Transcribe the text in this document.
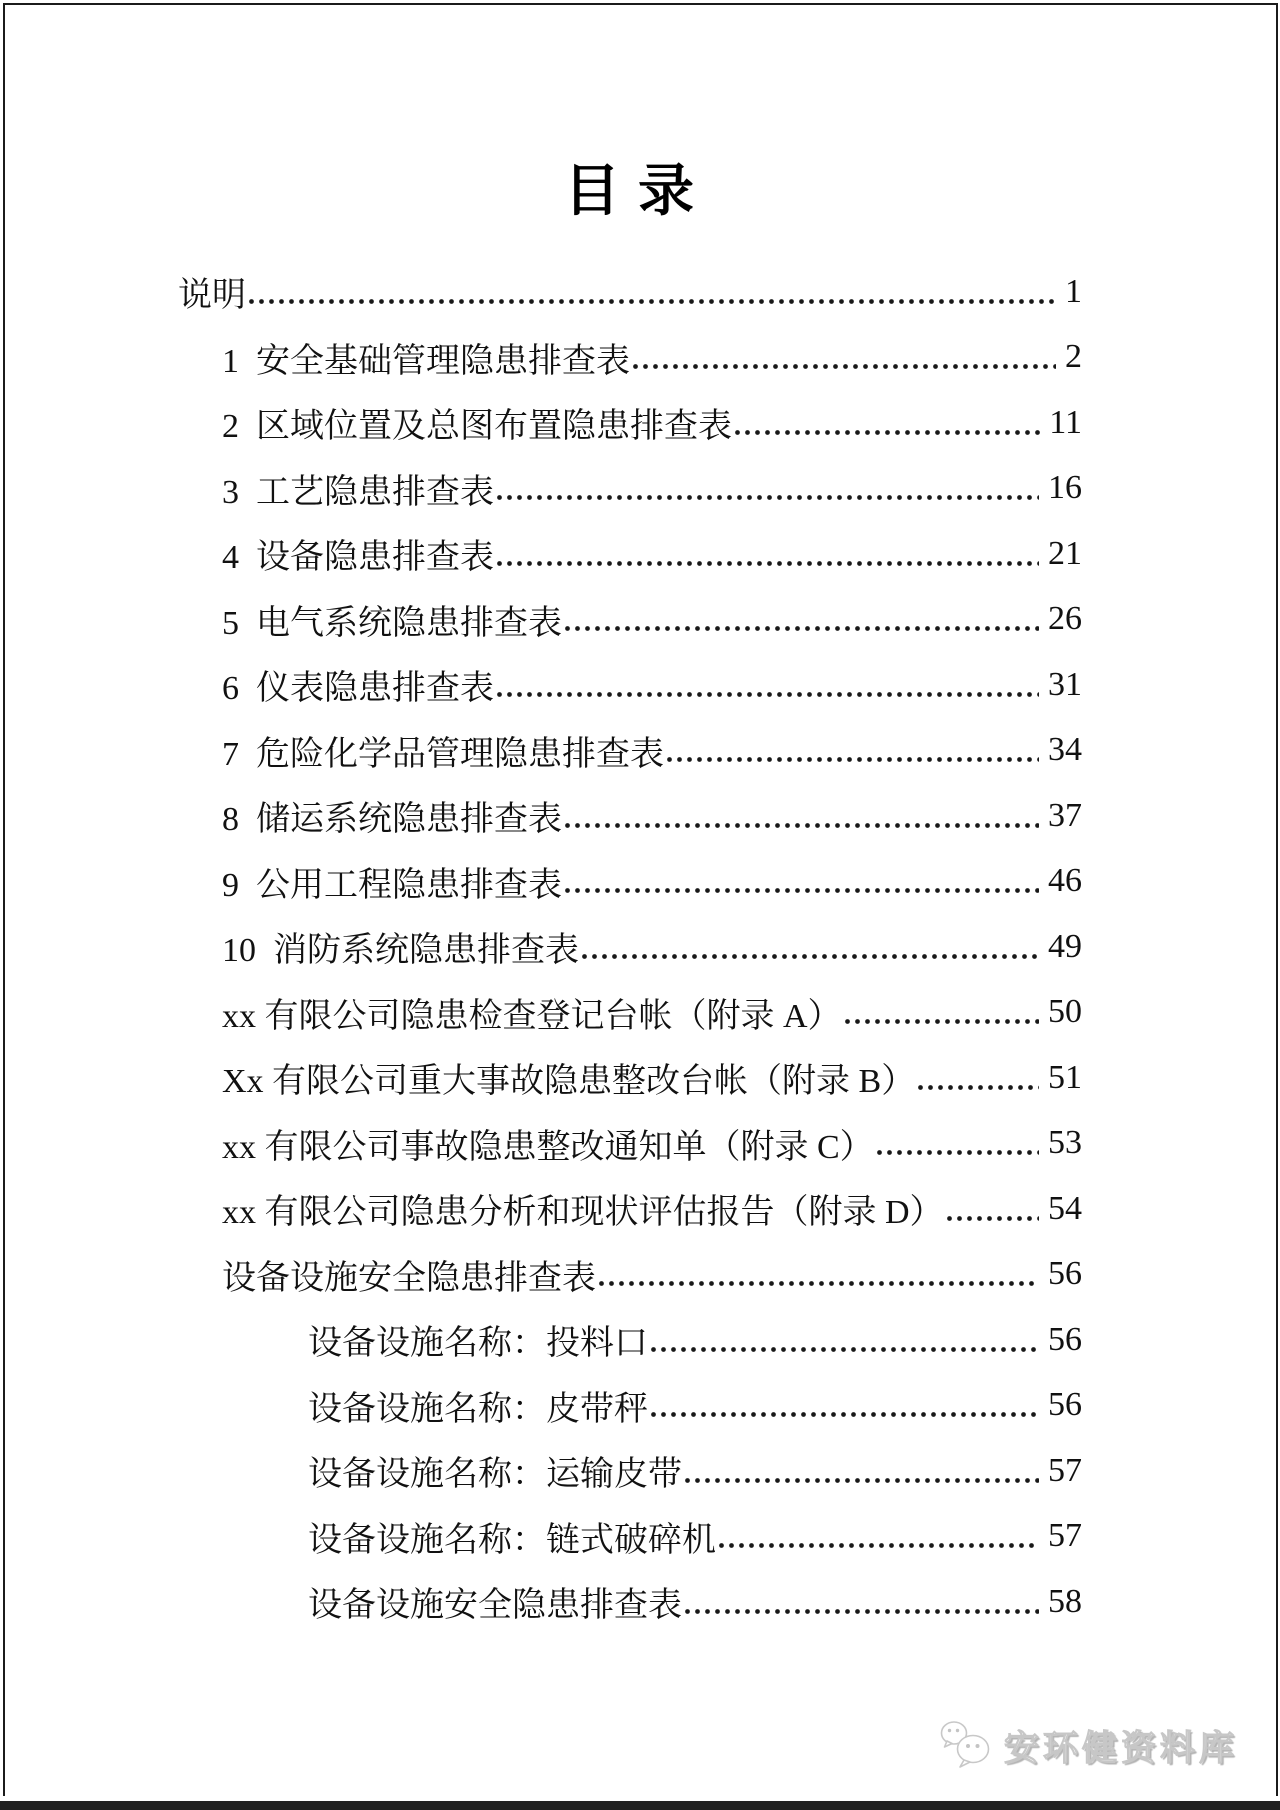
目 录
说明	1
1  安全基础管理隐患排查表	2
2  区域位置及总图布置隐患排查表	11
3  工艺隐患排查表	16
4  设备隐患排查表	21
5  电气系统隐患排查表	26
6  仪表隐患排查表	31
7  危险化学品管理隐患排查表	34
8  储运系统隐患排查表	37
9  公用工程隐患排查表	46
10  消防系统隐患排查表	49
xx 有限公司隐患检查登记台帐（附录 A）	50
Xx 有限公司重大事故隐患整改台帐（附录 B）	51
xx 有限公司事故隐患整改通知单（附录 C）	53
xx 有限公司隐患分析和现状评估报告（附录 D）	54
设备设施安全隐患排查表	56
设备设施名称：投料口	56
设备设施名称：皮带秤	56
设备设施名称：运输皮带	57
设备设施名称：链式破碎机	57
设备设施安全隐患排查表	58
安环健资料库
